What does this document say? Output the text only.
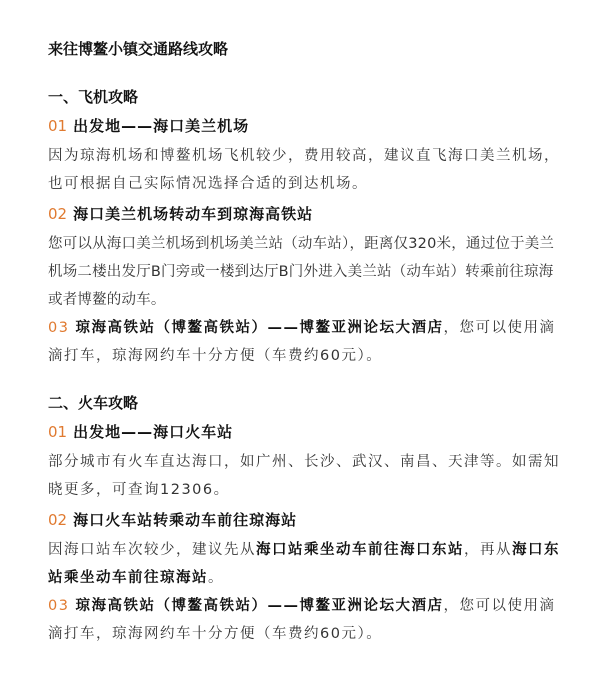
来往博鳌小镇交通路线攻略
一、飞机攻略
01 出发地——海口美兰机场

因为琼海机场和博鳌机场飞机较少，费用较高，建议直飞海口美兰机场，也可根据自己实际情况选择合适的到达机场。

02 海口美兰机场转动车到琼海高铁站

您可以从海口美兰机场到机场美兰站（动车站），距离仅320米，通过位于美兰机场二楼出发厅B门旁或一楼到达厅B门外进入美兰站（动车站）转乘前往琼海或者博鳌的动车。

03 琼海高铁站（博鳌高铁站）——博鳌亚洲论坛大酒店，您可以使用滴滴打车，琼海网约车十分方便（车费约60元）。

二、火车攻略
01 出发地——海口火车站

部分城市有火车直达海口，如广州、长沙、武汉、南昌、天津等。如需知晓更多，可查询12306。

02 海口火车站转乘动车前往琼海站

因海口站车次较少，建议先从海口站乘坐动车前往海口东站，再从海口东站乘坐动车前往琼海站。

03 琼海高铁站（博鳌高铁站）——博鳌亚洲论坛大酒店，您可以使用滴滴打车，琼海网约车十分方便（车费约60元）。
